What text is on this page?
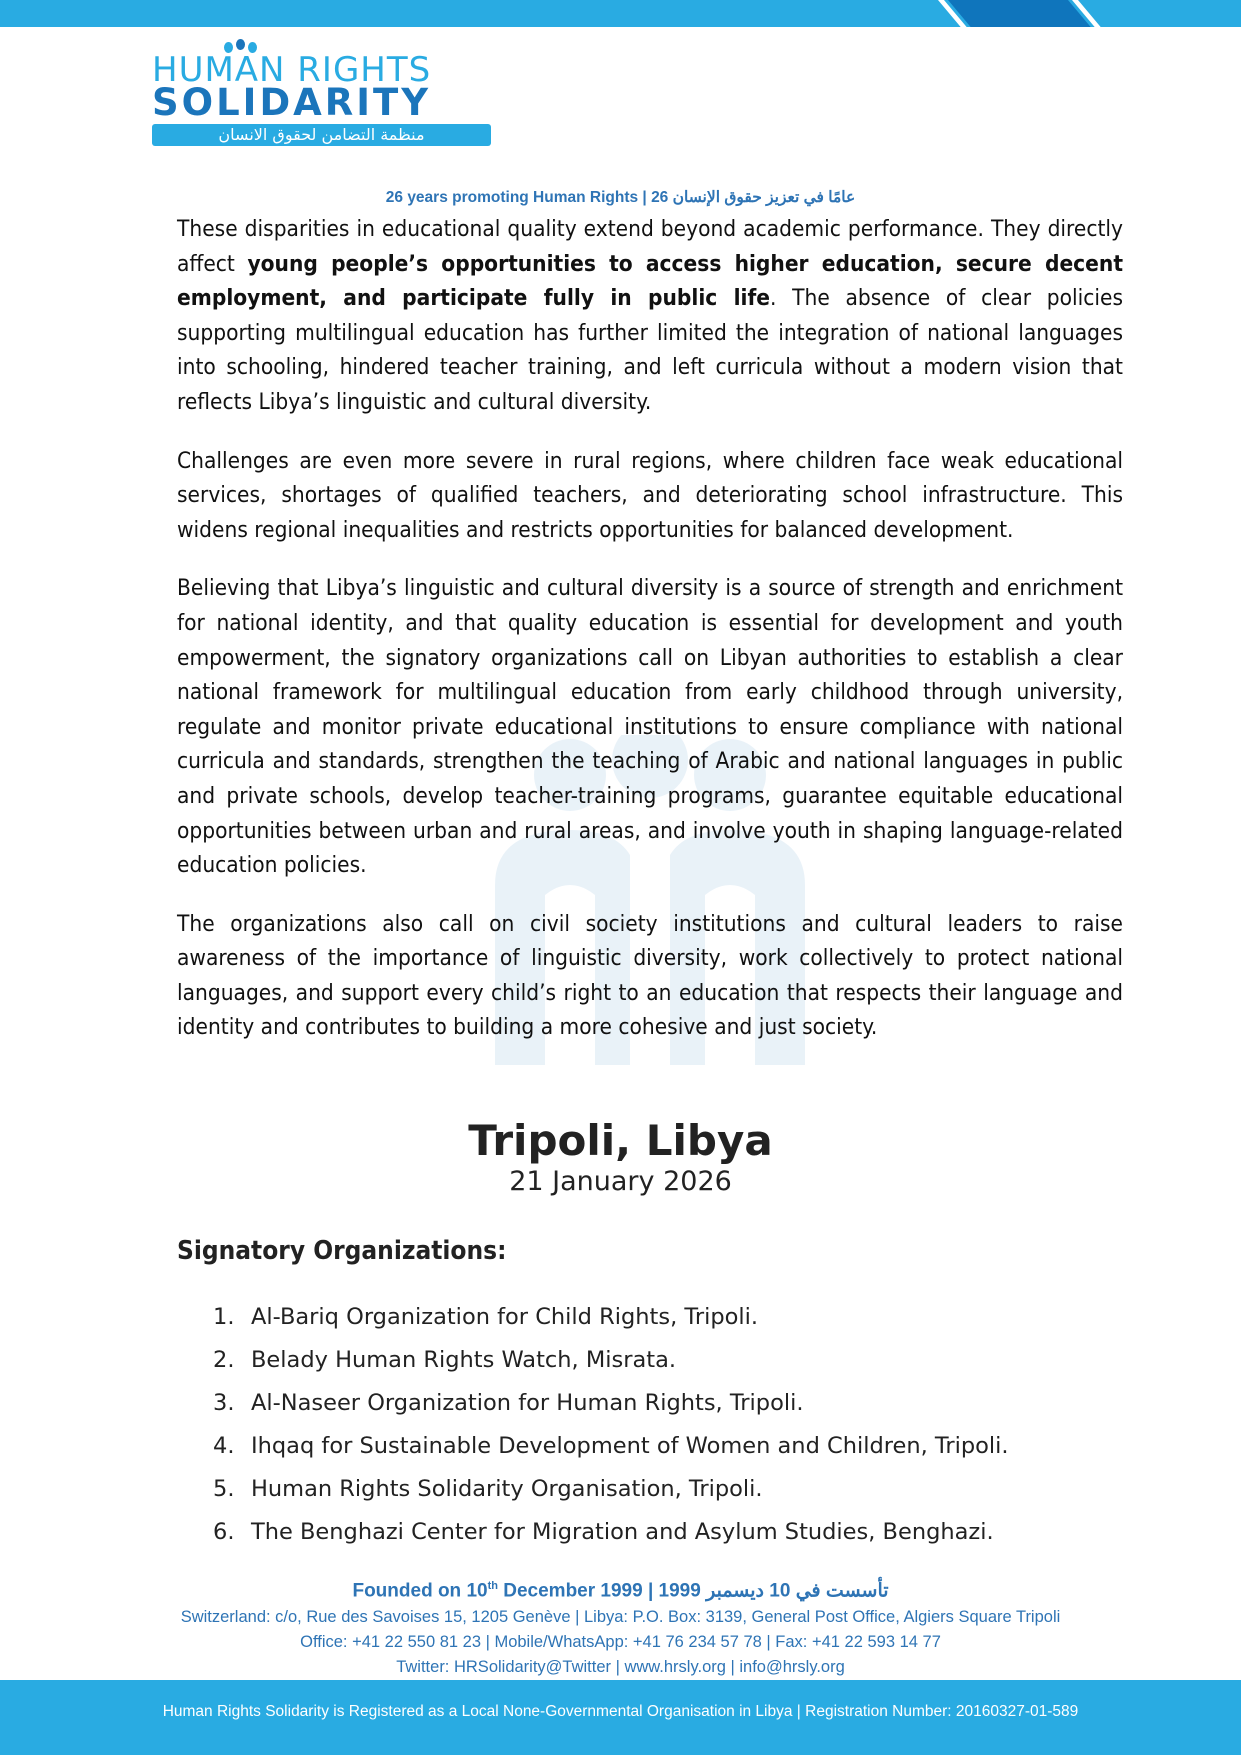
HUMAN RIGHTS
SOLIDARITY
منظمة التضامن لحقوق الانسان
26 years promoting Human Rights | 26 عامًا في تعزيز حقوق الإنسان

These disparities in educational quality extend beyond academic performance. They directly affect young people’s opportunities to access higher education, secure decent employment, and participate fully in public life. The absence of clear policies supporting multilingual education has further limited the integration of national languages into schooling, hindered teacher training, and left curricula without a modern vision that reflects Libya’s linguistic and cultural diversity.

Challenges are even more severe in rural regions, where children face weak educational services, shortages of qualified teachers, and deteriorating school infrastructure. This widens regional inequalities and restricts opportunities for balanced development.

Believing that Libya’s linguistic and cultural diversity is a source of strength and enrichment for national identity, and that quality education is essential for development and youth empowerment, the signatory organizations call on Libyan authorities to establish a clear national framework for multilingual education from early childhood through university, regulate and monitor private educational institutions to ensure compliance with national curricula and standards, strengthen the teaching of Arabic and national languages in public and private schools, develop teacher-training programs, guarantee equitable educational opportunities between urban and rural areas, and involve youth in shaping language-related education policies.

The organizations also call on civil society institutions and cultural leaders to raise awareness of the importance of linguistic diversity, work collectively to protect national languages, and support every child’s right to an education that respects their language and identity and contributes to building a more cohesive and just society.

Tripoli, Libya
21 January 2026
Signatory Organizations:
1. Al-Bariq Organization for Child Rights, Tripoli.
2. Belady Human Rights Watch, Misrata.
3. Al-Naseer Organization for Human Rights, Tripoli.
4. Ihqaq for Sustainable Development of Women and Children, Tripoli.
5. Human Rights Solidarity Organisation, Tripoli.
6. The Benghazi Center for Migration and Asylum Studies, Benghazi.
Founded on 10th December 1999 | 1999 تأسست في 10 ديسمبر
Switzerland: c/o, Rue des Savoises 15, 1205 Genève | Libya: P.O. Box: 3139, General Post Office, Algiers Square Tripoli
Office: +41 22 550 81 23 | Mobile/WhatsApp: +41 76 234 57 78 | Fax: +41 22 593 14 77
Twitter: HRSolidarity@Twitter | www.hrsly.org | info@hrsly.org
Human Rights Solidarity is Registered as a Local None-Governmental Organisation in Libya | Registration Number: 20160327-01-589
